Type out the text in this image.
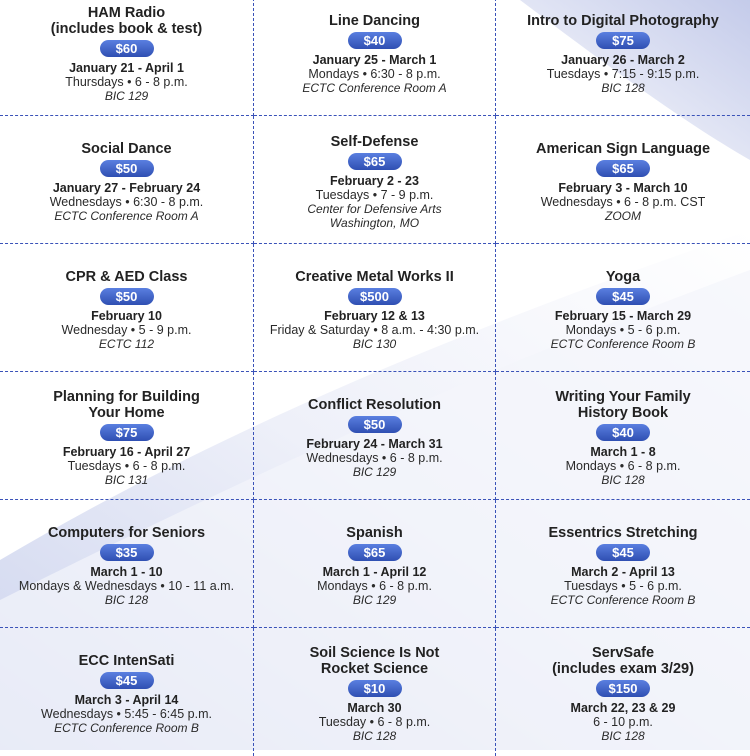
HAM Radio
(includes book & test)
$60
January 21 - April 1
Thursdays • 6 - 8 p.m.
BIC 129
Line Dancing
$40
January 25 - March 1
Mondays • 6:30 - 8 p.m.
ECTC Conference Room A
Intro to Digital Photography
$75
January 26 - March 2
Tuesdays • 7:15 - 9:15 p.m.
BIC 128
Social Dance
$50
January 27 - February 24
Wednesdays • 6:30 - 8 p.m.
ECTC Conference Room A
Self-Defense
$65
February 2 - 23
Tuesdays • 7 - 9 p.m.
Center for Defensive Arts
Washington, MO
American Sign Language
$65
February 3 - March 10
Wednesdays • 6 - 8 p.m. CST
ZOOM
CPR & AED Class
$50
February 10
Wednesday • 5 - 9 p.m.
ECTC 112
Creative Metal Works II
$500
February 12 & 13
Friday & Saturday • 8 a.m. - 4:30 p.m.
BIC 130
Yoga
$45
February 15 - March 29
Mondays • 5 - 6 p.m.
ECTC Conference Room B
Planning for Building
Your Home
$75
February 16 - April 27
Tuesdays • 6 - 8 p.m.
BIC 131
Conflict Resolution
$50
February 24 - March 31
Wednesdays • 6 - 8 p.m.
BIC 129
Writing Your Family
History Book
$40
March 1 - 8
Mondays • 6 - 8 p.m.
BIC 128
Computers for Seniors
$35
March 1 - 10
Mondays & Wednesdays • 10 - 11 a.m.
BIC 128
Spanish
$65
March 1 - April 12
Mondays • 6 - 8 p.m.
BIC 129
Essentrics Stretching
$45
March 2 - April 13
Tuesdays • 5 - 6 p.m.
ECTC Conference Room B
ECC IntenSati
$45
March 3 - April 14
Wednesdays • 5:45 - 6:45 p.m.
ECTC Conference Room B
Soil Science Is Not
Rocket Science
$10
March 30
Tuesday • 6 - 8 p.m.
BIC 128
ServSafe
(includes exam 3/29)
$150
March 22, 23 & 29
6 - 10 p.m.
BIC 128
